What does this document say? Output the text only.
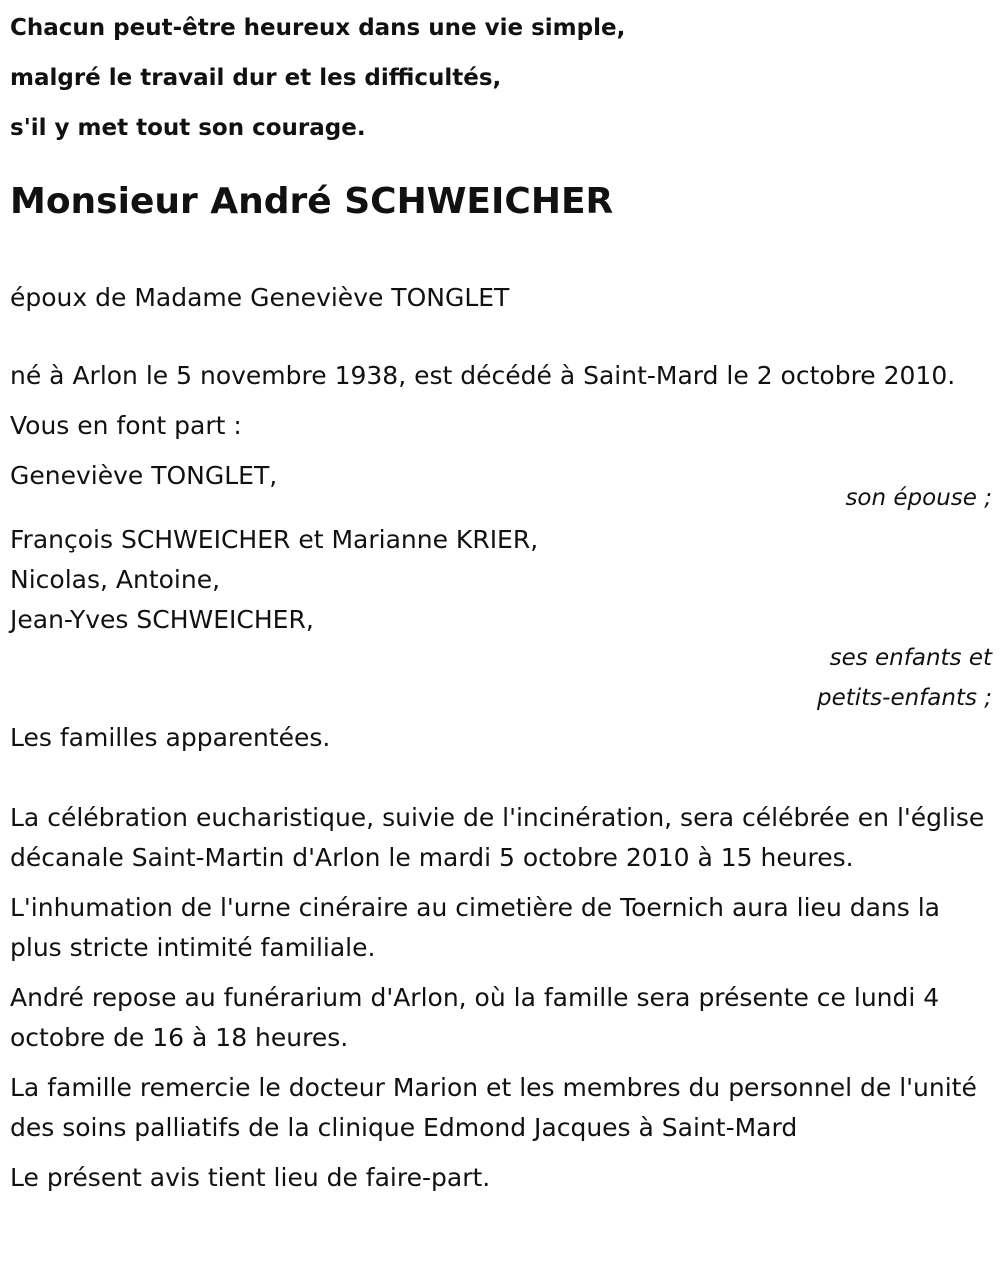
Chacun peut-être heureux dans une vie simple,

malgré le travail dur et les difficultés,

s'il y met tout son courage.

Monsieur André SCHWEICHER

époux de Madame Geneviève TONGLET

né à Arlon le 5 novembre 1938, est décédé à Saint-Mard le 2 octobre 2010.

Vous en font part :

Geneviève TONGLET,

son épouse ;

François SCHWEICHER et Marianne KRIER,

Nicolas, Antoine,

Jean-Yves SCHWEICHER,

ses enfants et

petits-enfants ;

Les familles apparentées.

La célébration eucharistique, suivie de l'incinération, sera célébrée en l'église décanale Saint-Martin d'Arlon le mardi 5 octobre 2010 à 15 heures.

L'inhumation de l'urne cinéraire au cimetière de Toernich aura lieu dans la plus stricte intimité familiale.

André repose au funérarium d'Arlon, où la famille sera présente ce lundi 4 octobre de 16 à 18 heures.

La famille remercie le docteur Marion et les membres du personnel de l'unité des soins palliatifs de la clinique Edmond Jacques à Saint-Mard

Le présent avis tient lieu de faire-part.
